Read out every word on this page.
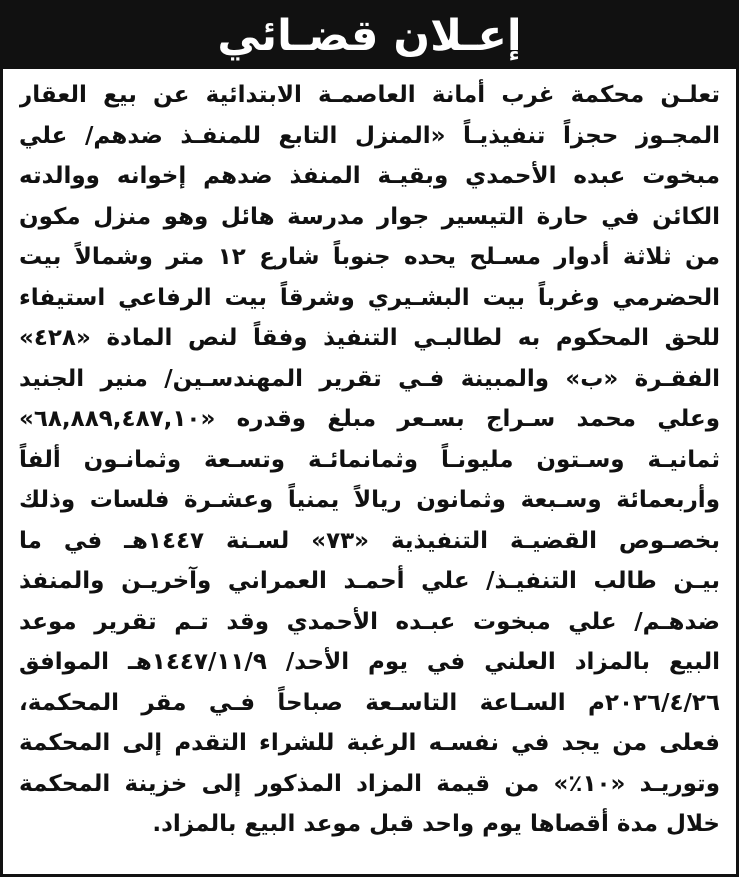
إعـلان قضـائي
تعلـن محكمة غرب أمانة العاصمـة الابتدائية عن بيع العقار
المجـوز حجزاً تنفيذيـاً «المنزل التابع للمنفـذ ضدهم/ علي
مبخوت عبده الأحمدي وبقيـة المنفذ ضدهم إخوانه ووالدته
الكائن في حارة التيسير جوار مدرسة هائل وهو منزل مكون
من ثلاثة أدوار مسـلح يحده جنوباً شارع ١٢ متر وشمالاً بيت
الحضرمي وغرباً بيت البشـيري وشرقاً بيت الرفاعي استيفاء
للحق المحكوم به لطالبـي التنفيذ وفقاً لنص المادة «٤٢٨»
الفقـرة «ب» والمبينة فـي تقرير المهندسـين/ منير الجنيد
وعلي محمد سـراج بسـعر مبلغ وقدره «٦٨,٨٨٩,٤٨٧,١٠»
ثمانيـة وسـتون مليونـاً وثمانمائـة وتسـعة وثمانـون ألفاً
وأربعمائة وسـبعة وثمانون ريالاً يمنياً وعشـرة فلسات وذلك
بخصـوص القضيـة التنفيذية «٧٣» لسـنة ١٤٤٧هـ في ما
بيـن طالب التنفيـذ/ علي أحمـد العمراني وآخريـن والمنفذ
ضدهـم/ علي مبخوت عبـده الأحمدي وقد تـم تقرير موعد
البيع بالمزاد العلني في يوم الأحد/ ١٤٤٧/١١/٩هـ الموافق
٢٠٢٦/٤/٢٦م السـاعة التاسـعة صباحاً فـي مقر المحكمة،
فعلى من يجد في نفسـه الرغبة للشراء التقدم إلى المحكمة
وتوريـد «١٠٪» من قيمة المزاد المذكور إلى خزينة المحكمة
خلال مدة أقصاها يوم واحد قبل موعد البيع بالمزاد.
